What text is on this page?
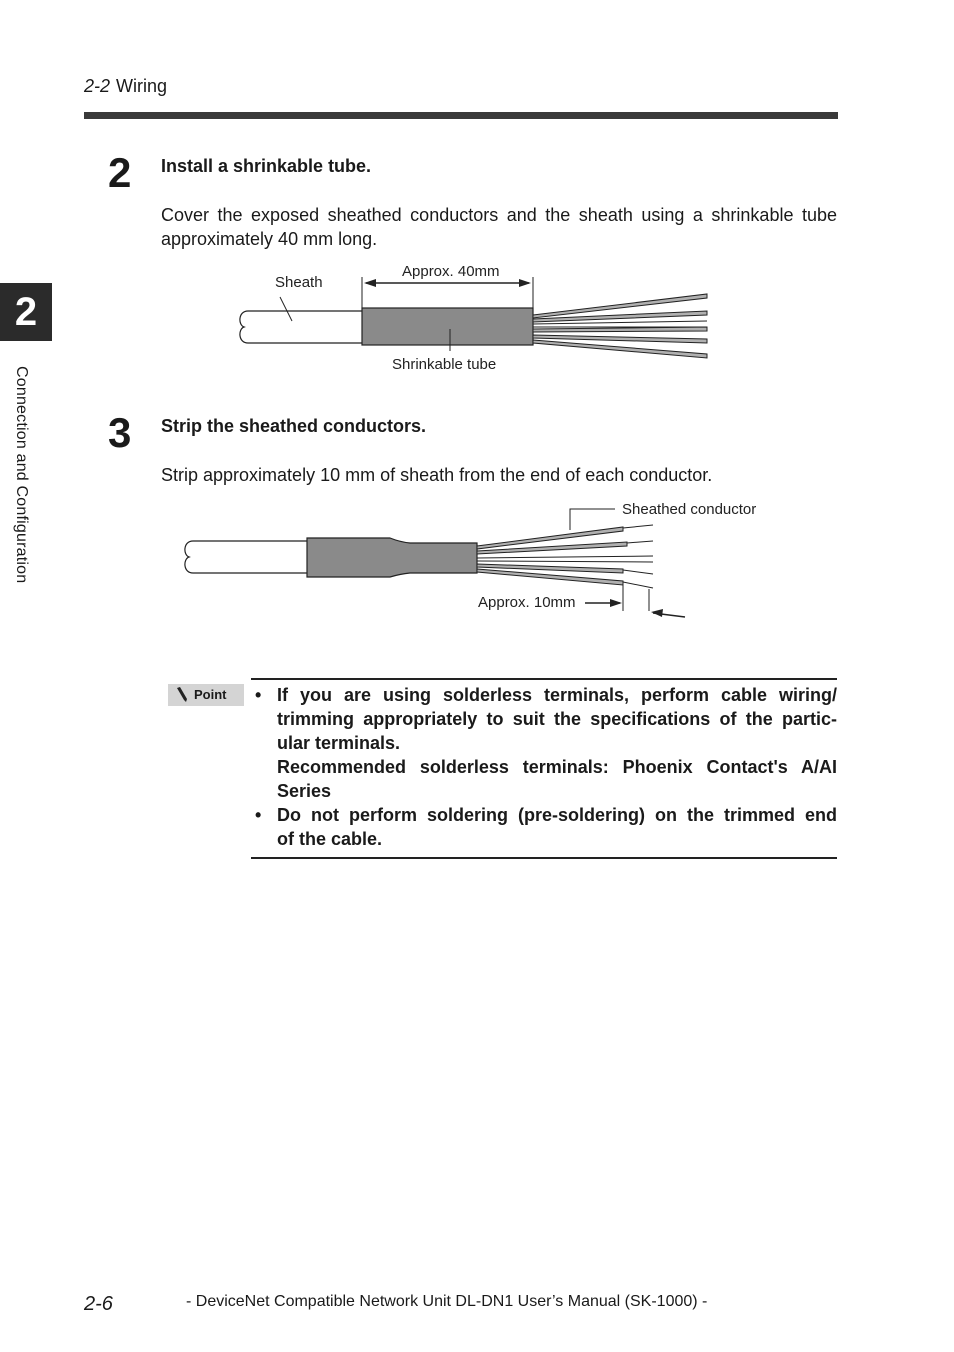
2-2 Wiring
2
Connection and Configuration
2 Install a shrinkable tube.
Cover the exposed sheathed conductors and the sheath using a shrinkable tube approximately 40 mm long.
Sheath
Approx. 40mm
Shrinkable tube
3 Strip the sheathed conductors.
Strip approximately 10 mm of sheath from the end of each conductor.
Sheathed conductor
Approx. 10mm
Point • If you are using solderless terminals, perform cable wiring/
trimming appropriately to suit the specifications of the partic-
ular terminals.
Recommended solderless terminals: Phoenix Contact's A/AI
Series
• Do not perform soldering (pre-soldering) on the trimmed end
of the cable.
2-6	- DeviceNet Compatible Network Unit DL-DN1 User’s Manual (SK-1000) -
